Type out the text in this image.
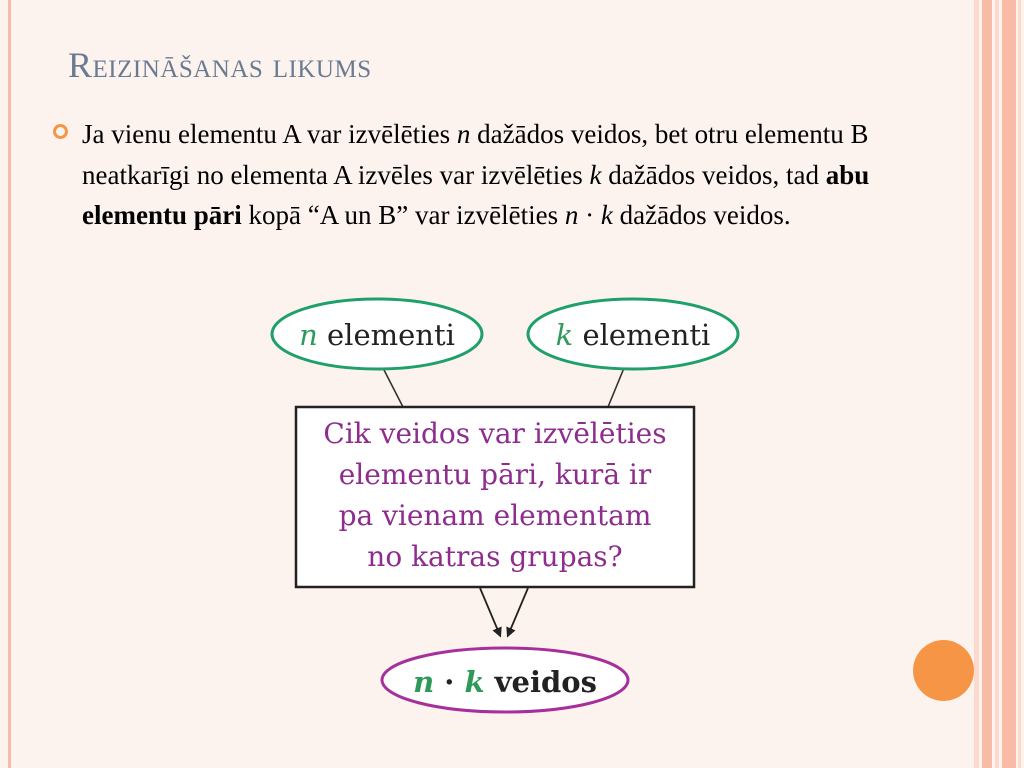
Reizināšanas likums

Ja vienu elementu A var izvēlēties n dažādos veidos, bet otru elementu B neatkarīgi no elementa A izvēles var izvēlēties k dažādos veidos, tad abu elementu pāri kopā “A un B” var izvēlēties n · k dažādos veidos.

n elementi	k elementi
Cik veidos var izvēlēties
elementu pāri, kurā ir
pa vienam elementam
no katras grupas?
n · k veidos
